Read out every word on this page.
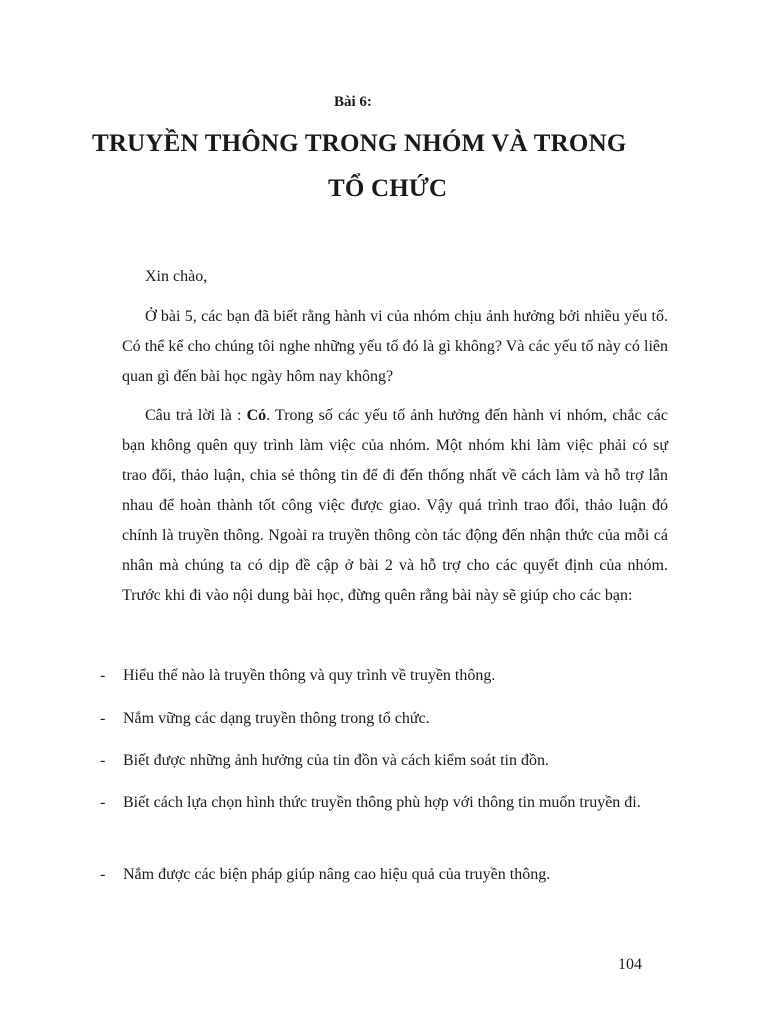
Bài 6:
TRUYỀN THÔNG TRONG NHÓM VÀ TRONG
TỔ CHỨC
Xin chào,
Ở bài 5, các bạn đã biết rằng hành vi của nhóm chịu ảnh hưởng bởi nhiều yếu tố. Có thể kể cho chúng tôi nghe những yếu tố đó là gì không? Và các yếu tố này có liên quan gì đến bài học ngày hôm nay không?
Câu trả lời là : Có. Trong số các yếu tố ảnh hưởng đến hành vi nhóm, chắc các bạn không quên quy trình làm việc của nhóm. Một nhóm khi làm việc phải có sự trao đổi, thảo luận, chia sẻ thông tin để đi đến thống nhất về cách làm và hỗ trợ lẫn nhau để hoàn thành tốt công việc được giao. Vậy quá trình trao đổi, thảo luận đó chính là truyền thông. Ngoài ra truyền thông còn tác động đến nhận thức của mỗi cá nhân mà chúng ta có dịp đề cập ở bài 2 và hỗ trợ cho các quyết định của nhóm. Trước khi đi vào nội dung bài học, đừng quên rằng bài này sẽ giúp cho các bạn:
- Hiểu thế nào là truyền thông và quy trình về truyền thông.
- Nắm vững các dạng truyền thông trong tổ chức.
- Biết được những ảnh hưởng của tin đồn và cách kiểm soát tin đồn.
- Biết cách lựa chọn hình thức truyền thông phù hợp với thông tin muốn truyền đi.
- Nắm được các biện pháp giúp nâng cao hiệu quả của truyền thông.
104
